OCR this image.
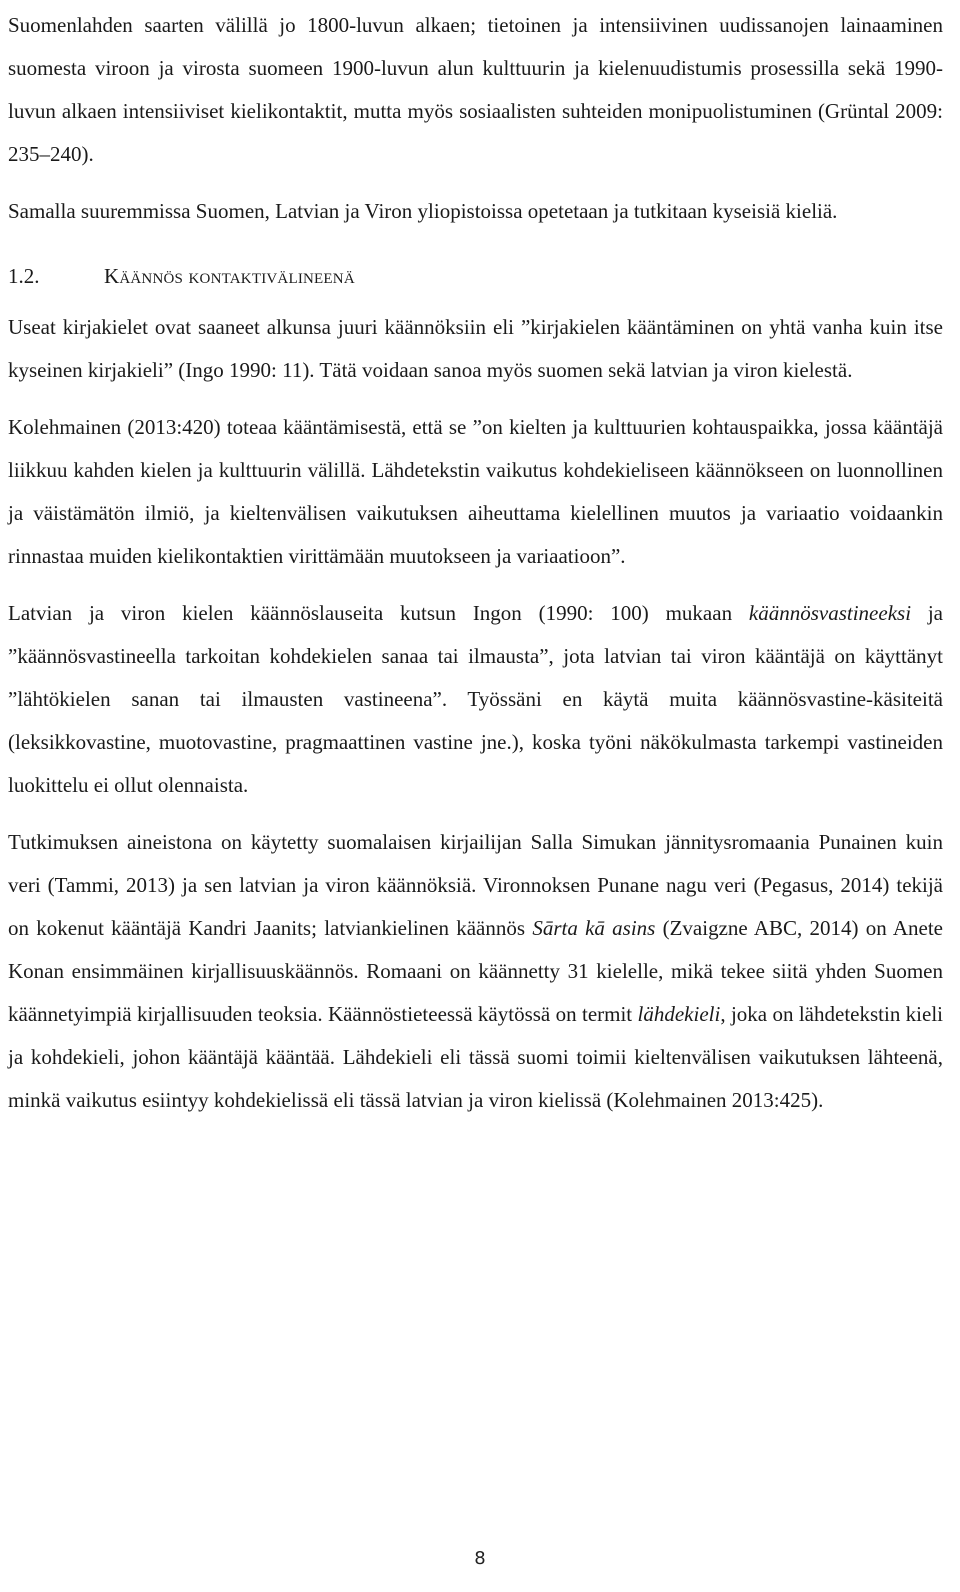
Suomenlahden saarten välillä jo 1800-luvun alkaen; tietoinen ja intensiivinen uudissanojen lainaaminen suomesta viroon ja virosta suomeen 1900-luvun alun kulttuurin ja kielenuudistumis prosessilla sekä 1990-luvun alkaen intensiiviset kielikontaktit, mutta myös sosiaalisten suhteiden monipuolistuminen (Grüntal 2009: 235–240).

Samalla suuremmissa Suomen, Latvian ja Viron yliopistoissa opetetaan ja tutkitaan kyseisiä kieliä.

1.2.	Käännös kontaktivälineenä

Useat kirjakielet ovat saaneet alkunsa juuri käännöksiin eli ”kirjakielen kääntäminen on yhtä vanha kuin itse kyseinen kirjakieli” (Ingo 1990: 11). Tätä voidaan sanoa myös suomen sekä latvian ja viron kielestä.

Kolehmainen (2013:420) toteaa kääntämisestä, että se ”on kielten ja kulttuurien kohtauspaikka, jossa kääntäjä liikkuu kahden kielen ja kulttuurin välillä. Lähdetekstin vaikutus kohdekieliseen käännökseen on luonnollinen ja väistämätön ilmiö, ja kieltenvälisen vaikutuksen aiheuttama kielellinen muutos ja variaatio voidaankin rinnastaa muiden kielikontaktien virittämään muutokseen ja variaatioon”.

Latvian ja viron kielen käännöslauseita kutsun Ingon (1990: 100) mukaan käännösvastineeksi ja ”käännösvastineella tarkoitan kohdekielen sanaa tai ilmausta”, jota latvian tai viron kääntäjä on käyttänyt ”lähtökielen sanan tai ilmausten vastineena”. Työssäni en käytä muita käännösvastine-käsiteitä (leksikkovastine, muotovastine, pragmaattinen vastine jne.), koska työni näkökulmasta tarkempi vastineiden luokittelu ei ollut olennaista.

Tutkimuksen aineistona on käytetty suomalaisen kirjailijan Salla Simukan jännitysromaania Punainen kuin veri (Tammi, 2013) ja sen latvian ja viron käännöksiä. Vironnoksen Punane nagu veri (Pegasus, 2014) tekijä on kokenut kääntäjä Kandri Jaanits; latviankielinen käännös Sārta kā asins (Zvaigzne ABC, 2014) on Anete Konan ensimmäinen kirjallisuuskäännös. Romaani on käännetty 31 kielelle, mikä tekee siitä yhden Suomen käännetyimpiä kirjallisuuden teoksia. Käännöstieteessä käytössä on termit lähdekieli, joka on lähdetekstin kieli ja kohdekieli, johon kääntäjä kääntää. Lähdekieli eli tässä suomi toimii kieltenvälisen vaikutuksen lähteenä, minkä vaikutus esiintyy kohdekielissä eli tässä latvian ja viron kielissä (Kolehmainen 2013:425).

8
